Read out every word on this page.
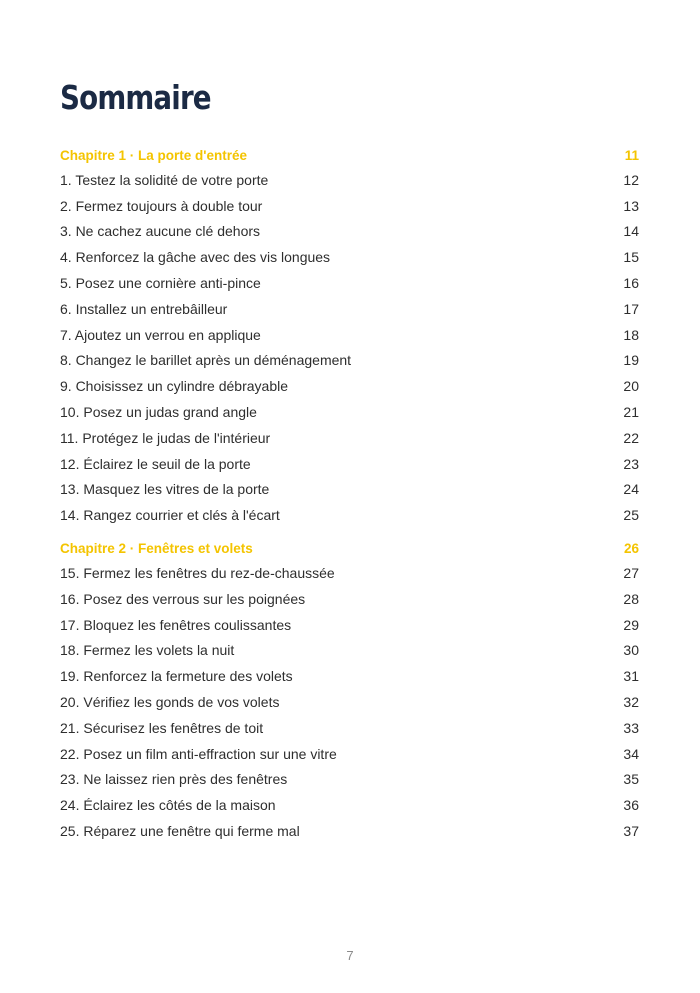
Sommaire
Chapitre 1 · La porte d'entrée	11
1. Testez la solidité de votre porte	12
2. Fermez toujours à double tour	13
3. Ne cachez aucune clé dehors	14
4. Renforcez la gâche avec des vis longues	15
5. Posez une cornière anti-pince	16
6. Installez un entrebâilleur	17
7. Ajoutez un verrou en applique	18
8. Changez le barillet après un déménagement	19
9. Choisissez un cylindre débrayable	20
10. Posez un judas grand angle	21
11. Protégez le judas de l'intérieur	22
12. Éclairez le seuil de la porte	23
13. Masquez les vitres de la porte	24
14. Rangez courrier et clés à l'écart	25
Chapitre 2 · Fenêtres et volets	26
15. Fermez les fenêtres du rez-de-chaussée	27
16. Posez des verrous sur les poignées	28
17. Bloquez les fenêtres coulissantes	29
18. Fermez les volets la nuit	30
19. Renforcez la fermeture des volets	31
20. Vérifiez les gonds de vos volets	32
21. Sécurisez les fenêtres de toit	33
22. Posez un film anti-effraction sur une vitre	34
23. Ne laissez rien près des fenêtres	35
24. Éclairez les côtés de la maison	36
25. Réparez une fenêtre qui ferme mal	37
7
